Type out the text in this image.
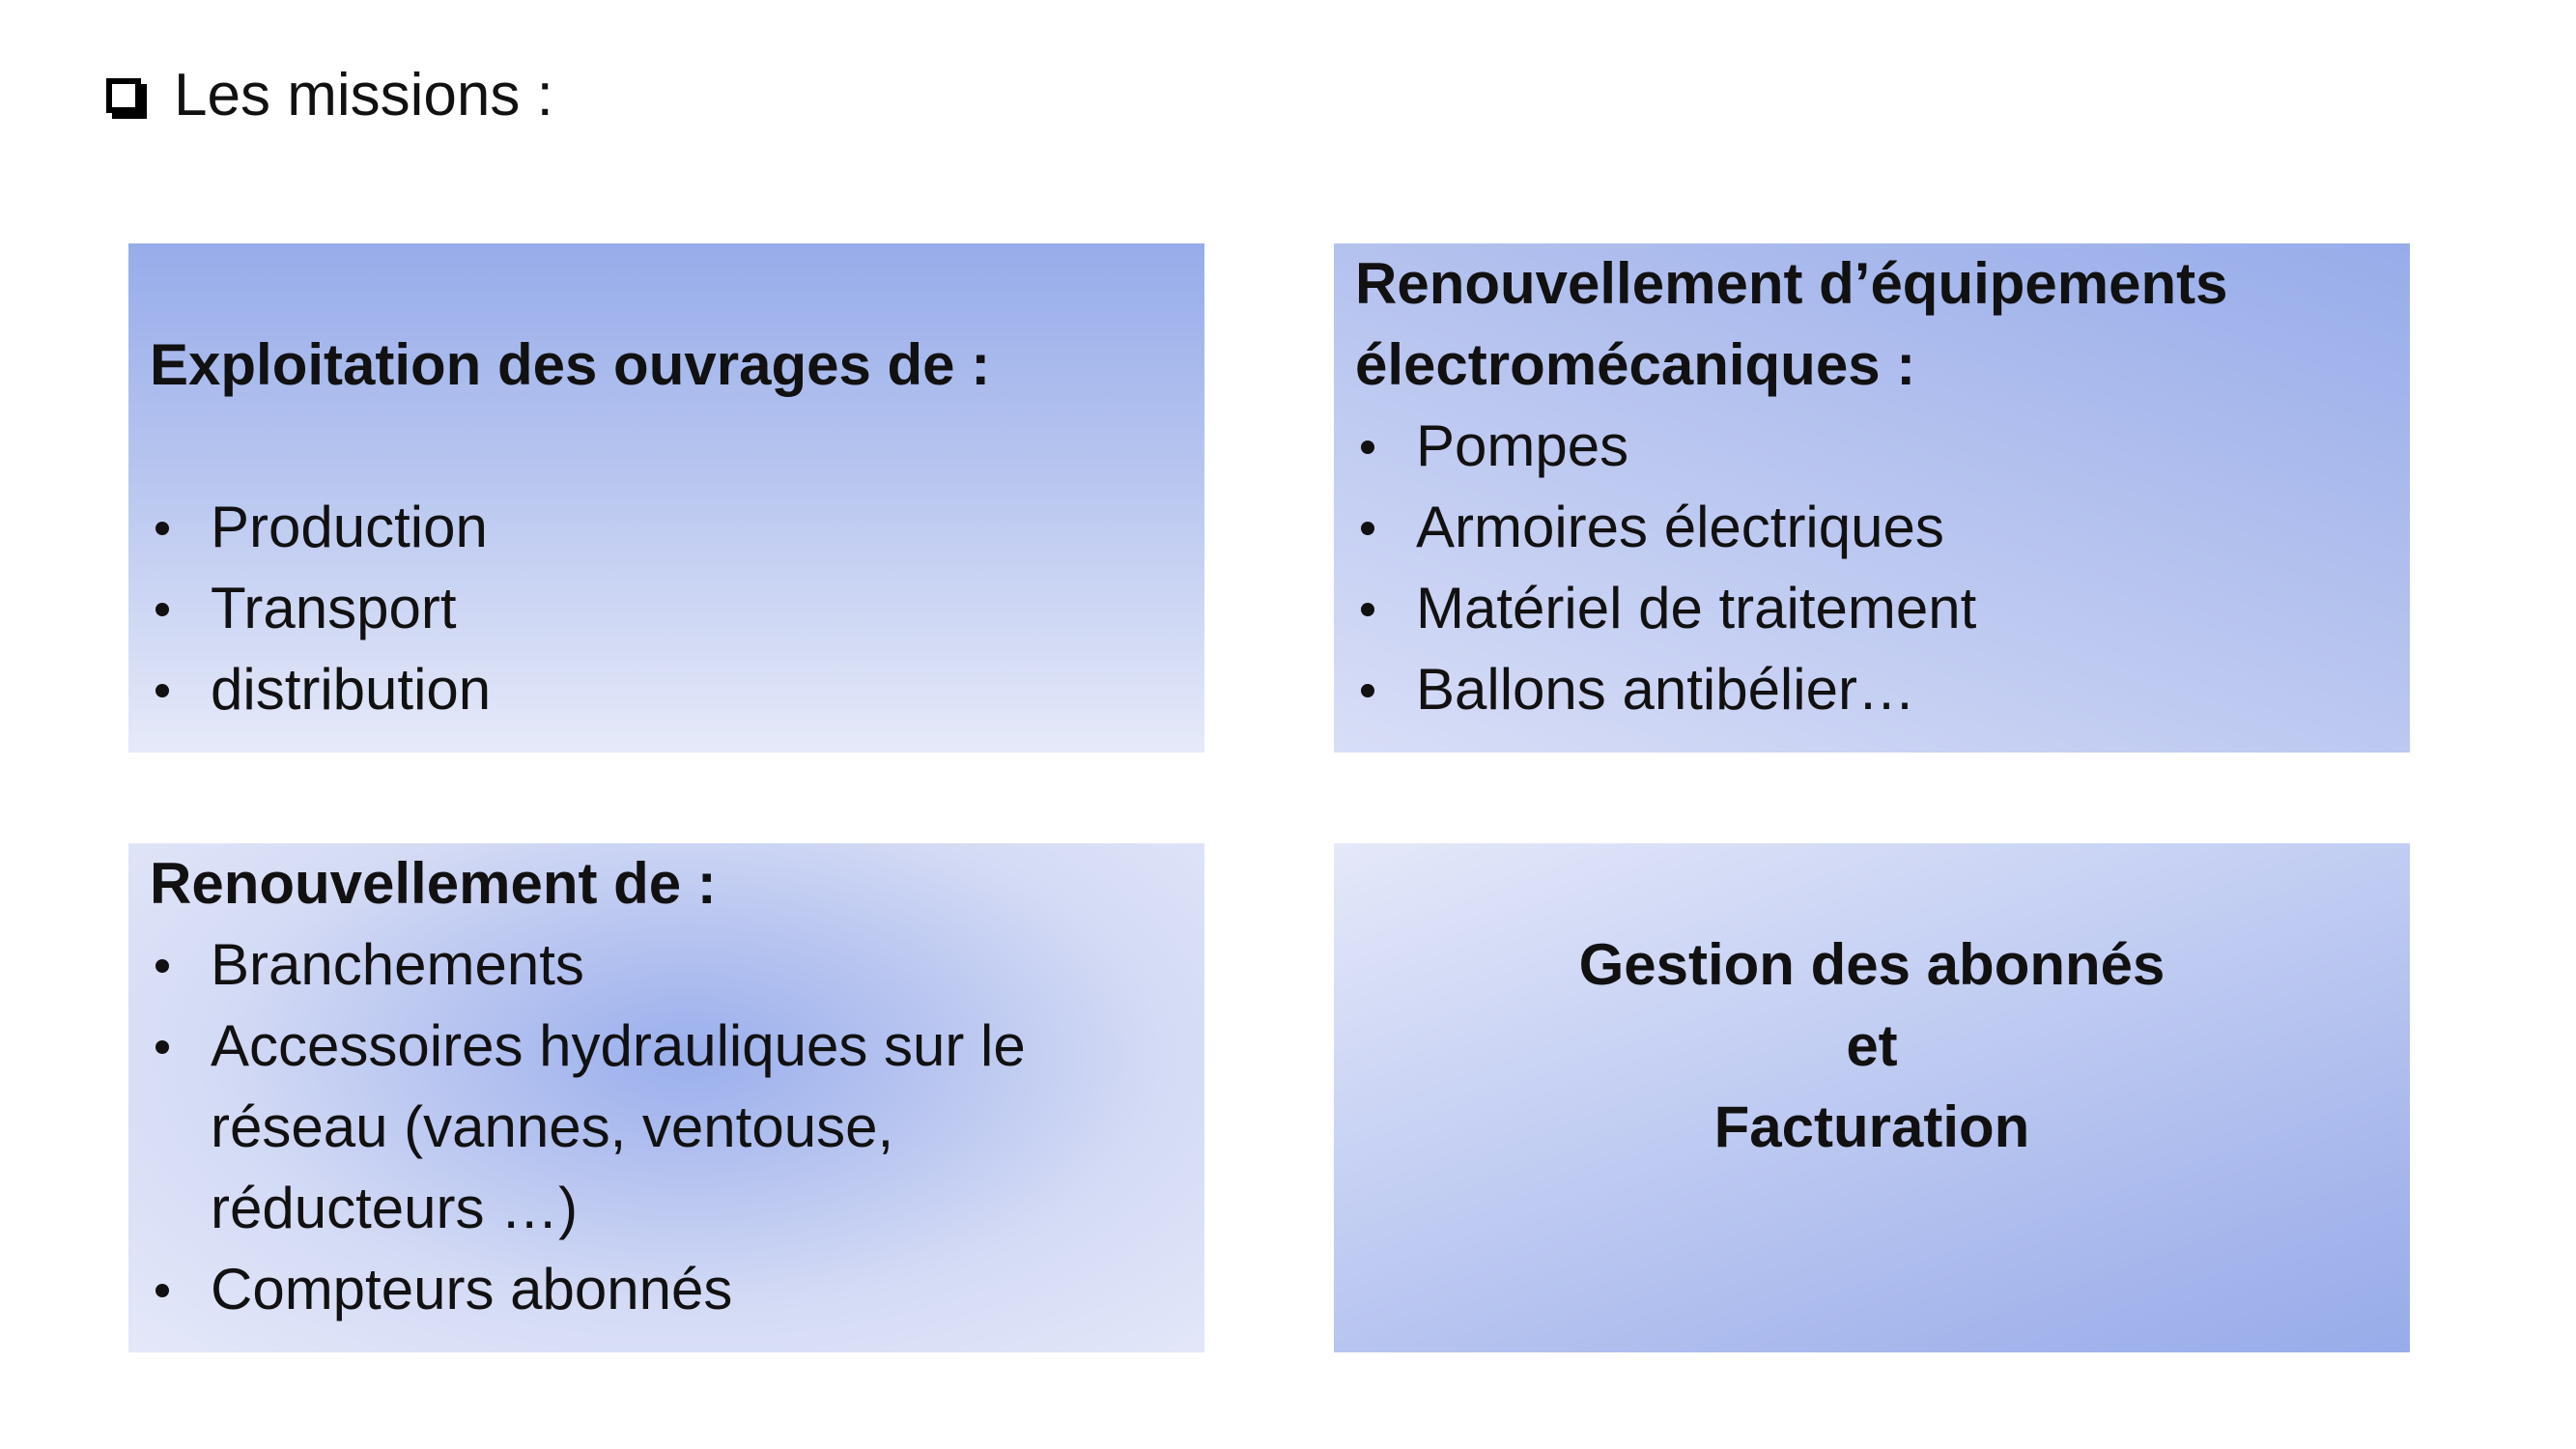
Les missions :
Exploitation des ouvrages de :
Production
Transport
distribution
Renouvellement d’équipements
électromécaniques :
Pompes
Armoires électriques
Matériel de traitement
Ballons antibélier…
Renouvellement de :
Branchements
Accessoires hydrauliques sur le réseau (vannes, ventouse, réducteurs …)
Compteurs abonnés
Gestion des abonnés
et
Facturation
